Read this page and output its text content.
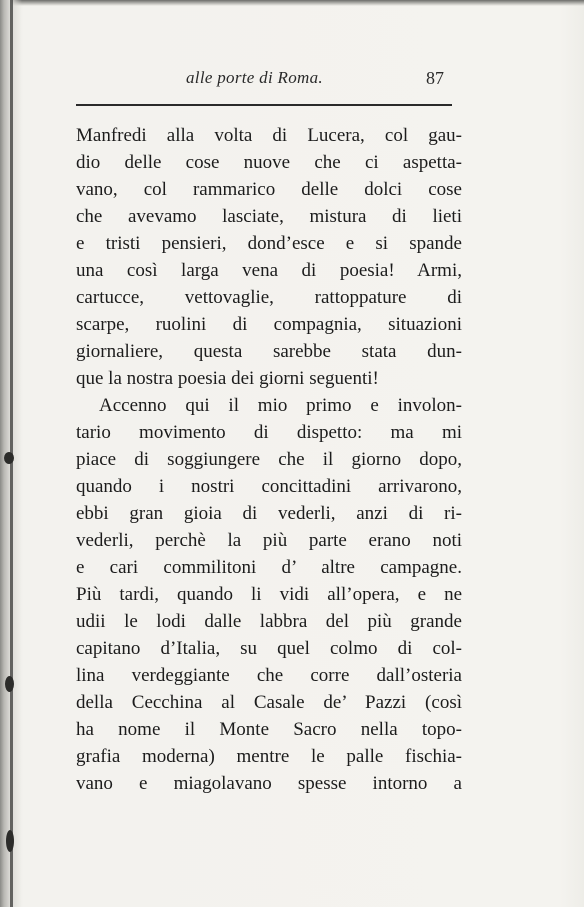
alle porte di Roma.	87
Manfredi alla volta di Lucera, col gau-
dio delle cose nuove che ci aspetta-
vano, col rammarico delle dolci cose
che avevamo lasciate, mistura di lieti
e tristi pensieri, dond’esce e si spande
una così larga vena di poesia! Armi,
cartucce, vettovaglie, rattoppature di
scarpe, ruolini di compagnia, situazioni
giornaliere, questa sarebbe stata dun-
que la nostra poesia dei giorni seguenti!
Accenno qui il mio primo e involon-
tario movimento di dispetto: ma mi
piace di soggiungere che il giorno dopo,
quando i nostri concittadini arrivarono,
ebbi gran gioia di vederli, anzi di ri-
vederli, perchè la più parte erano noti
e cari commilitoni d’ altre campagne.
Più tardi, quando li vidi all’opera, e ne
udii le lodi dalle labbra del più grande
capitano d’Italia, su quel colmo di col-
lina verdeggiante che corre dall’osteria
della Cecchina al Casale de’ Pazzi (così
ha nome il Monte Sacro nella topo-
grafia moderna) mentre le palle fischia-
vano e miagolavano spesse intorno a
